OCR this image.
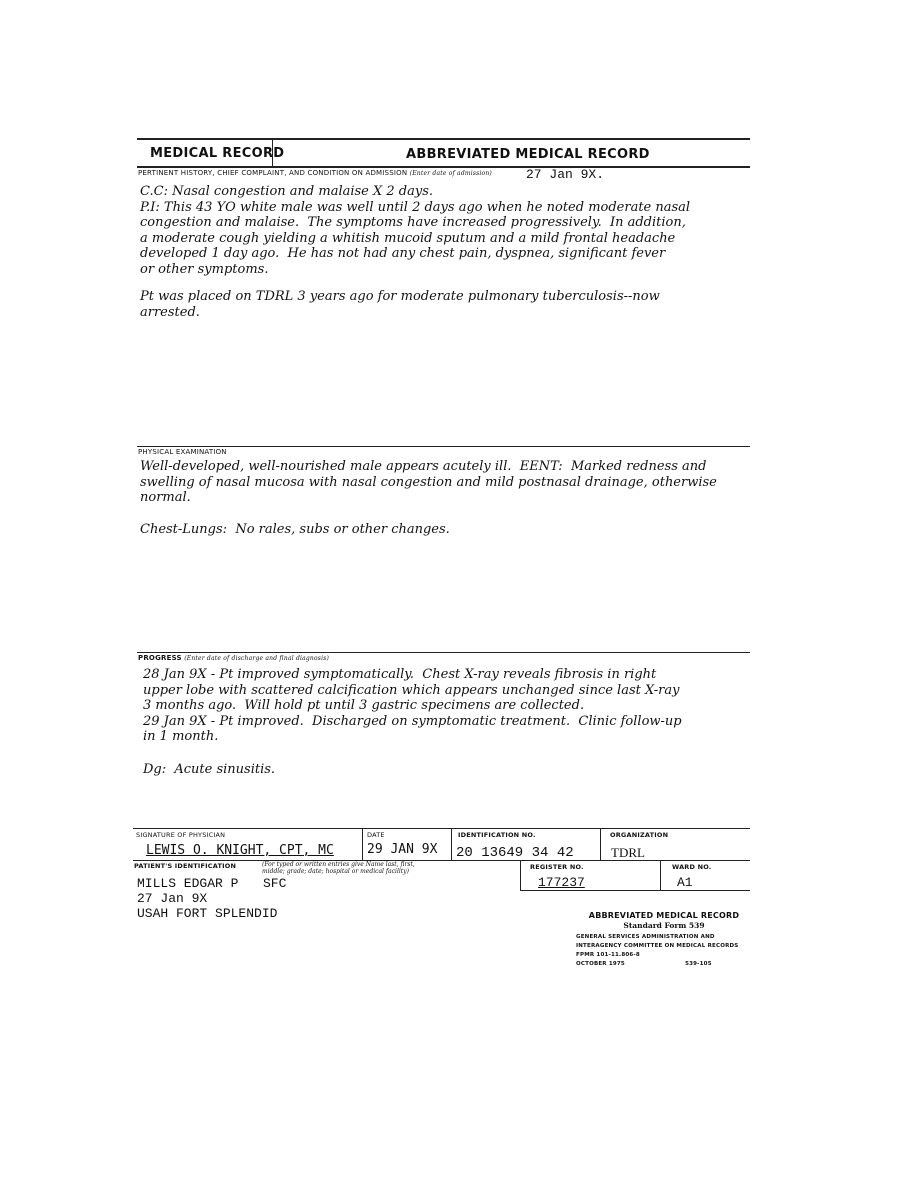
MEDICAL RECORD	ABBREVIATED MEDICAL RECORD
PERTINENT HISTORY, CHIEF COMPLAINT, AND CONDITION ON ADMISSION (Enter date of admission)	27 Jan 9X.
C.C: Nasal congestion and malaise X 2 days.
P.I: This 43 YO white male was well until 2 days ago when he noted moderate nasal
congestion and malaise.  The symptoms have increased progressively.  In addition,
a moderate cough yielding a whitish mucoid sputum and a mild frontal headache
developed 1 day ago.  He has not had any chest pain, dyspnea, significant fever
or other symptoms.
Pt was placed on TDRL 3 years ago for moderate pulmonary tuberculosis--now
arrested.
PHYSICAL EXAMINATION
Well-developed, well-nourished male appears acutely ill.  EENT:  Marked redness and
swelling of nasal mucosa with nasal congestion and mild postnasal drainage, otherwise
normal.
Chest-Lungs:  No rales, subs or other changes.
PROGRESS (Enter date of discharge and final diagnosis)
28 Jan 9X - Pt improved symptomatically.  Chest X-ray reveals fibrosis in right
upper lobe with scattered calcification which appears unchanged since last X-ray
3 months ago.  Will hold pt until 3 gastric specimens are collected.
29 Jan 9X - Pt improved.  Discharged on symptomatic treatment.  Clinic follow-up
in 1 month.
Dg:  Acute sinusitis.
SIGNATURE OF PHYSICIAN
LEWIS O. KNIGHT, CPT, MC
DATE
29 JAN 9X
IDENTIFICATION NO.
20 13649 34 42
ORGANIZATION
TDRL
PATIENT'S IDENTIFICATION	(For typed or written entries give Name last, first,
middle; grade; date; hospital or medical facility)
REGISTER NO.
177237
WARD NO.
A1
MILLS EDGAR P SFC
27 Jan 9X
USAH FORT SPLENDID	ABBREVIATED MEDICAL RECORD
Standard Form 539
GENERAL SERVICES ADMINISTRATION AND
INTERAGENCY COMMITTEE ON MEDICAL RECORDS
FPMR 101-11.806-8
OCTOBER 1975	539-105
